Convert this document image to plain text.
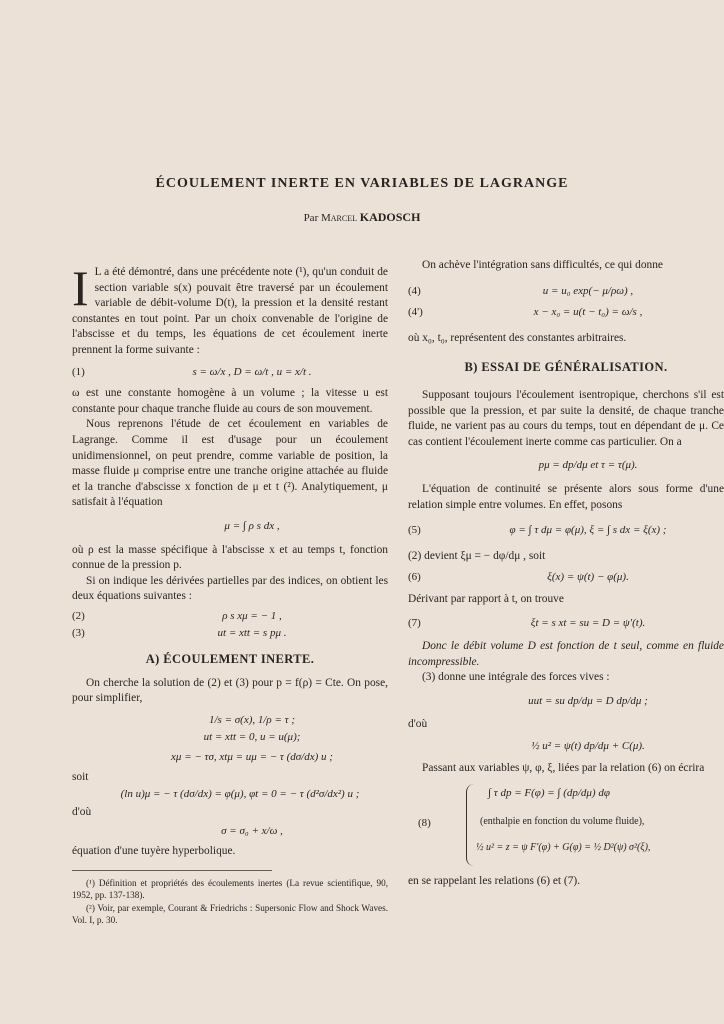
ÉCOULEMENT INERTE EN VARIABLES DE LAGRANGE
Par Marcel KADOSCH

I L a été démontré, dans une précédente note (¹), qu'un conduit de section variable s(x) pouvait être traversé par un écoulement variable de débit-volume D(t), la pression et la densité restant constantes en tout point. Par un choix convenable de l'origine de l'abscisse et du temps, les équations de cet écoulement inerte prennent la forme suivante :

(1)	s = ω/x , D = ω/t , u = x/t .

ω est une constante homogène à un volume ; la vitesse u est constante pour chaque tranche fluide au cours de son mouvement.

Nous reprenons l'étude de cet écoulement en variables de Lagrange. Comme il est d'usage pour un écoulement unidimensionnel, on peut prendre, comme variable de position, la masse fluide μ comprise entre une tranche origine attachée au fluide et la tranche d'abscisse x fonction de μ et t (²). Analytiquement, μ satisfait à l'équation

μ = ∫ ρ s dx ,

où ρ est la masse spécifique à l'abscisse x et au temps t, fonction connue de la pression p.

Si on indique les dérivées partielles par des indices, on obtient les deux équations suivantes :

(2)	ρ s xμ = − 1 ,
(3)	ut = xtt = s pμ .
A) ÉCOULEMENT INERTE.

On cherche la solution de (2) et (3) pour p = f(ρ) = Cte. On pose, pour simplifier,

1/s = σ(x), 1/ρ = τ ;
ut = xtt = 0, u = u(μ);
xμ = − τσ, xtμ = uμ = − τ (dσ/dx) u ;

soit

(ln u)μ = − τ (dσ/dx) = φ(μ), φt = 0 = − τ (d²σ/dx²) u ;

d'où

σ = σ₀ + x/ω ,

équation d'une tuyère hyperbolique.

(¹) Définition et propriétés des écoulements inertes (La revue scientifique, 90, 1952, pp. 137-138).

(²) Voir, par exemple, Courant & Friedrichs : Supersonic Flow and Shock Waves. Vol. I, p. 30.

On achève l'intégration sans difficultés, ce qui donne

(4)	u = u₀ exp(− μ/ρω) ,
(4')	x − x₀ = u(t − t₀) = ω/s ,

où x₀, t₀, représentent des constantes arbitraires.

B) ESSAI DE GÉNÉRALISATION.

Supposant toujours l'écoulement isentropique, cherchons s'il est possible que la pression, et par suite la densité, de chaque tranche fluide, ne varient pas au cours du temps, tout en dépendant de μ. Ce cas contient l'écoulement inerte comme cas particulier. On a

pμ = dp/dμ et τ = τ(μ).

L'équation de continuité se présente alors sous forme d'une relation simple entre volumes. En effet, posons

(5)	φ = ∫ τ dμ = φ(μ), ξ = ∫ s dx = ξ(x) ;

(2) devient ξμ = − dφ/dμ , soit

(6)	ξ(x) = ψ(t) − φ(μ).

Dérivant par rapport à t, on trouve

(7)	ξt = s xt = su = D = ψ'(t).

Donc le débit volume D est fonction de t seul, comme en fluide incompressible.

(3) donne une intégrale des forces vives :

uut = su dp/dμ = D dp/dμ ;

d'où

½ u² = ψ(t) dp/dμ + C(μ).

Passant aux variables ψ, φ, ξ, liées par la relation (6) on écrira

(8)
∫ τ dp = F(φ) = ∫ (dp/dμ) dφ
(enthalpie en fonction du volume fluide),
½ u² = z = ψ F'(φ) + G(φ) = ½ D²(ψ) σ²(ξ),

en se rappelant les relations (6) et (7).
